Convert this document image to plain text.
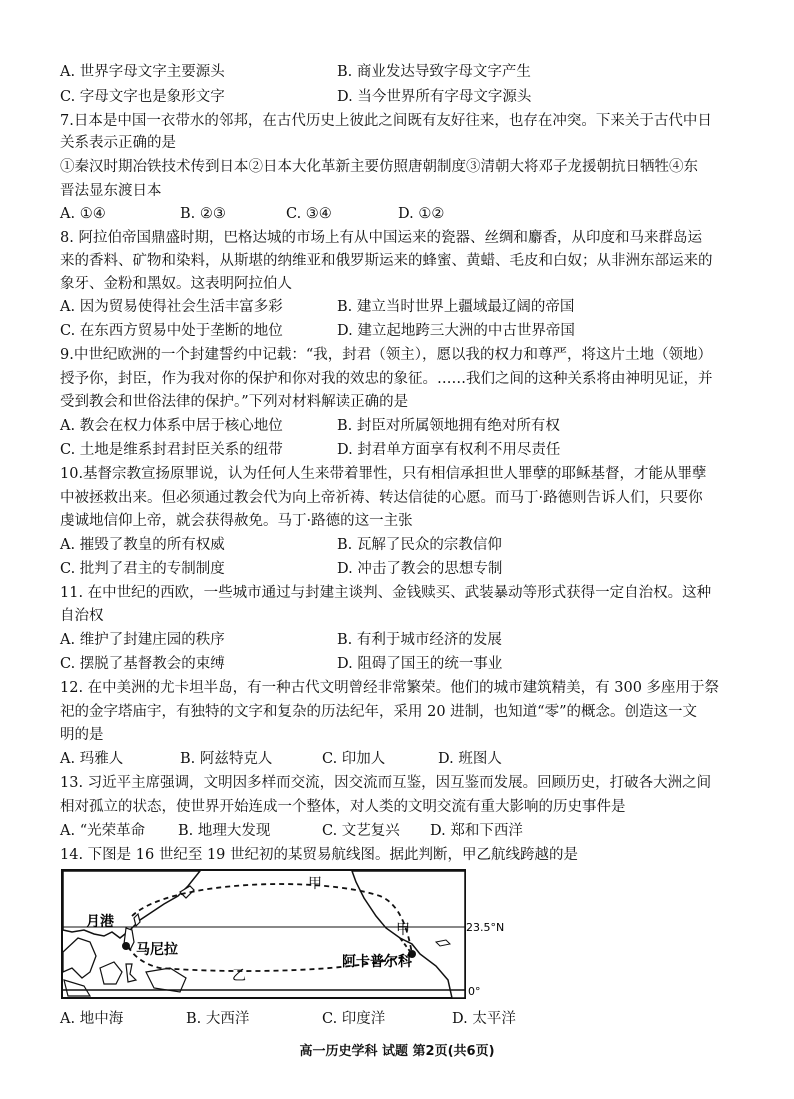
A. 世界字母文字主要源头	B. 商业发达导致字母文字产生
C. 字母文字也是象形文字	D. 当今世界所有字母文字源头
7.日本是中国一衣带水的邻邦，在古代历史上彼此之间既有友好往来，也存在冲突。下来关于古代中日
关系表示正确的是
①秦汉时期冶铁技术传到日本②日本大化革新主要仿照唐朝制度③清朝大将邓子龙援朝抗日牺牲④东
晋法显东渡日本
A. ①④	B. ②③	C. ③④	D. ①②
8. 阿拉伯帝国鼎盛时期，巴格达城的市场上有从中国运来的瓷器、丝绸和麝香，从印度和马来群岛运
来的香料、矿物和染料，从斯堪的纳维亚和俄罗斯运来的蜂蜜、黄蜡、毛皮和白奴；从非洲东部运来的
象牙、金粉和黑奴。这表明阿拉伯人
A. 因为贸易使得社会生活丰富多彩	B. 建立当时世界上疆域最辽阔的帝国
C. 在东西方贸易中处于垄断的地位	D. 建立起地跨三大洲的中古世界帝国
9.中世纪欧洲的一个封建誓约中记载：“我，封君（领主），愿以我的权力和尊严，将这片土地（领地）
授予你，封臣，作为我对你的保护和你对我的效忠的象征。……我们之间的这种关系将由神明见证，并
受到教会和世俗法律的保护。”下列对材料解读正确的是
A. 教会在权力体系中居于核心地位	B. 封臣对所属领地拥有绝对所有权
C. 土地是维系封君封臣关系的纽带	D. 封君单方面享有权利不用尽责任
10.基督宗教宣扬原罪说，认为任何人生来带着罪性，只有相信承担世人罪孽的耶稣基督，才能从罪孽
中被拯救出来。但必须通过教会代为向上帝祈祷、转达信徒的心愿。而马丁·路德则告诉人们，只要你
虔诚地信仰上帝，就会获得赦免。马丁·路德的这一主张
A. 摧毁了教皇的所有权威	B. 瓦解了民众的宗教信仰
C. 批判了君主的专制制度	D. 冲击了教会的思想专制
11. 在中世纪的西欧，一些城市通过与封建主谈判、金钱赎买、武装暴动等形式获得一定自治权。这种
自治权
A. 维护了封建庄园的秩序	B. 有利于城市经济的发展
C. 摆脱了基督教会的束缚	D. 阻碍了国王的统一事业
12. 在中美洲的尤卡坦半岛，有一种古代文明曾经非常繁荣。他们的城市建筑精美，有 300 多座用于祭
祀的金字塔庙宇，有独特的文字和复杂的历法纪年，采用 20 进制，也知道“零”的概念。创造这一文
明的是
A. 玛雅人	B. 阿兹特克人	C. 印加人	D. 班图人
13. 习近平主席强调，文明因多样而交流，因交流而互鉴，因互鉴而发展。回顾历史，打破各大洲之间
相对孤立的状态，使世界开始连成一个整体，对人类的文明交流有重大影响的历史事件是
A. “光荣革命 B. 地理大发现	C. 文艺复兴 D. 郑和下西洋
14. 下图是 16 世纪至 19 世纪初的某贸易航线图。据此判断，甲乙航线跨越的是
甲
甲
乙
月港
马尼拉
阿卡普尔科
23.5°N
0°
A. 地中海	B. 大西洋	C. 印度洋	D. 太平洋
高一历史学科 试题 第2页(共6页)
